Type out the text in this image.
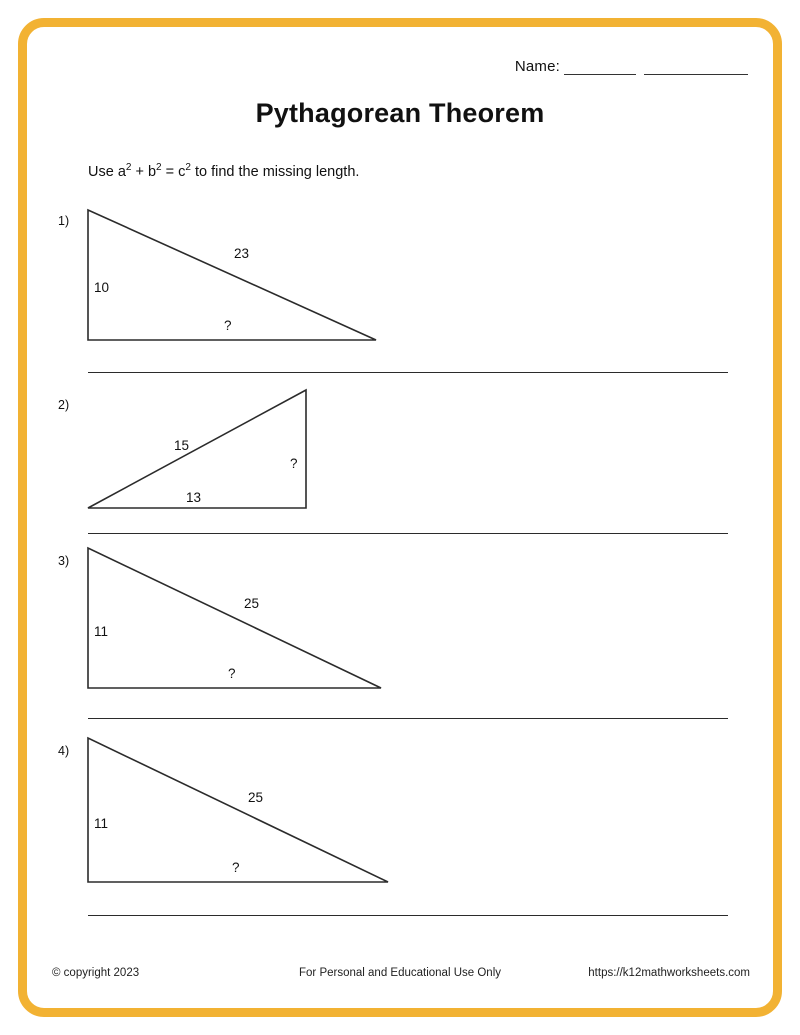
Name:
Pythagorean Theorem
Use $a^2 + b^2 = c^2$ to find the missing length.
1)
10
23
?
2)
15
13
?
3)
11
25
?
4)
11
25
?
© copyright 2023	For Personal and Educational Use Only	https://k12mathworksheets.com
